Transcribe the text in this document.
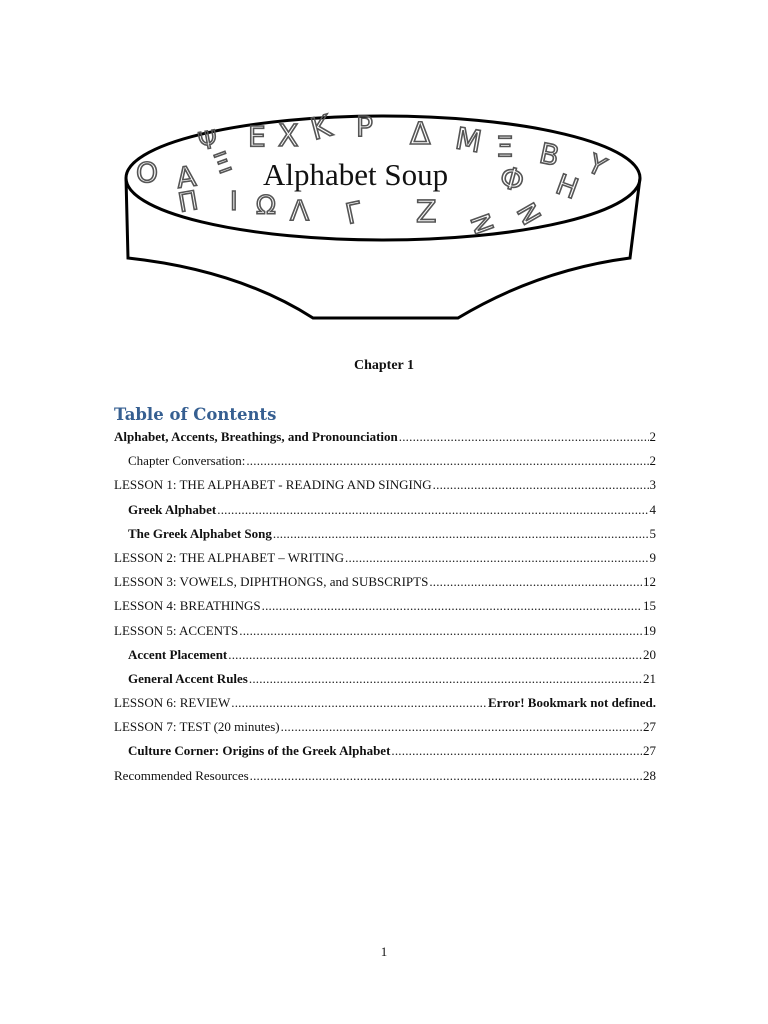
Ψ Ε Χ Κ Ρ Δ Μ Ξ Β
Ο Α Ξ	Φ Η
Υ
Π Ι Ω Λ Γ Ζ Ν Ν
Alphabet Soup
Chapter 1
Table of Contents
Alphabet, Accents, Breathings, and Pronounciation .....	2
Chapter Conversation: .....	2
LESSON 1: THE ALPHABET - READING AND SINGING .....	3
Greek Alphabet .....	4
The Greek Alphabet Song .....	5
LESSON 2: THE ALPHABET – WRITING .....	9
LESSON 3: VOWELS, DIPHTHONGS, and SUBSCRIPTS .....	12
LESSON 4: BREATHINGS .....	15
LESSON 5: ACCENTS .....	19
Accent Placement .....	20
General Accent Rules .....	21
LESSON 6: REVIEW .....	Error! Bookmark not defined.
LESSON 7: TEST (20 minutes) .....	27
Culture Corner: Origins of the Greek Alphabet .....	27
Recommended Resources .....	28
1
